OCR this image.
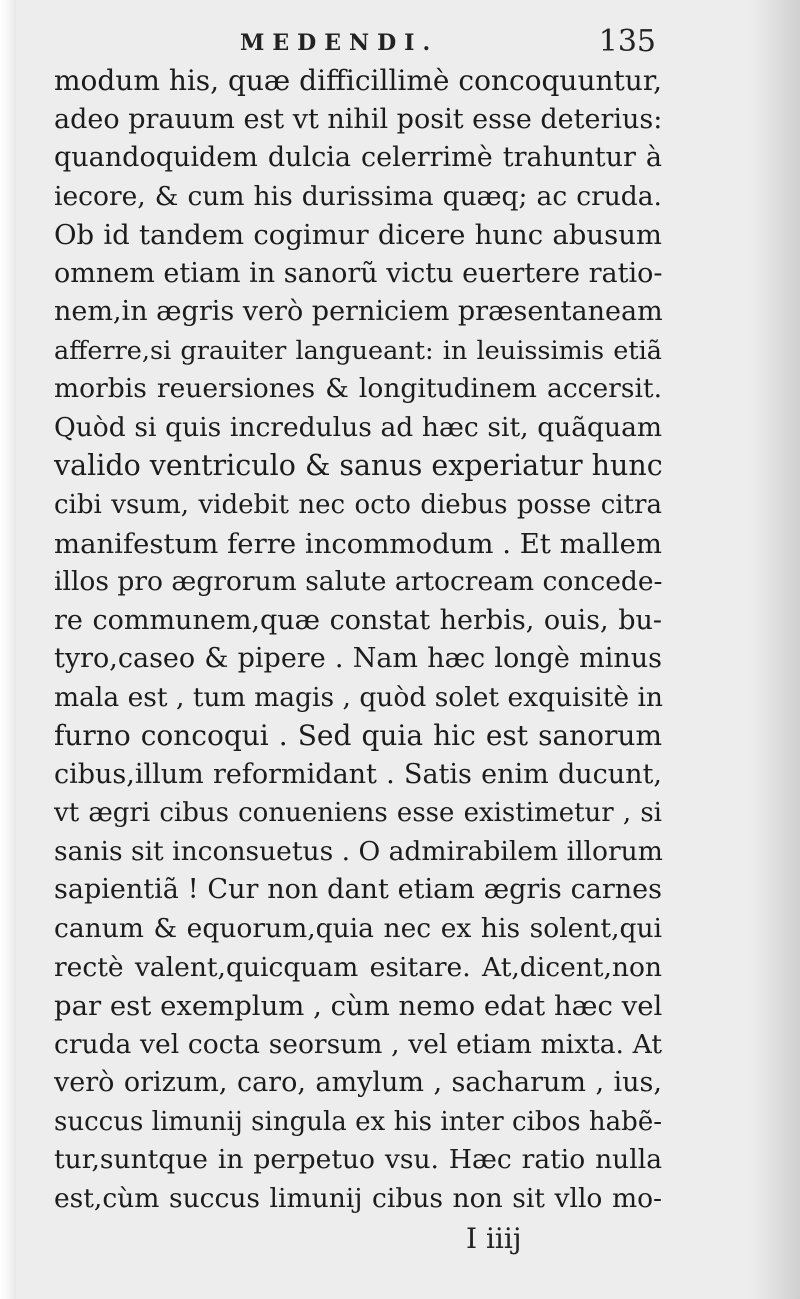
MEDENDI.	135
modum his, quæ difficillimè concoquuntur,
adeo prauum est vt nihil posit esse deterius:
quandoquidem dulcia celerrimè trahuntur à
iecore, & cum his durissima quæq; ac cruda.
Ob id tandem cogimur dicere hunc abusum
omnem etiam in sanorũ victu euertere ratio-
nem,in ægris verò perniciem præsentaneam
afferre,si grauiter langueant: in leuissimis etiã
morbis reuersiones & longitudinem accersit.
Quòd si quis incredulus ad hæc sit, quãquam
valido ventriculo & sanus experiatur hunc
cibi vsum, videbit nec octo diebus posse citra
manifestum ferre incommodum . Et mallem
illos pro ægrorum salute artocream concede-
re communem,quæ constat herbis, ouis, bu-
tyro,caseo & pipere . Nam hæc longè minus
mala est , tum magis , quòd solet exquisitè in
furno concoqui . Sed quia hic est sanorum
cibus,illum reformidant . Satis enim ducunt,
vt ægri cibus conueniens esse existimetur , si
sanis sit inconsuetus . O admirabilem illorum
sapientiã ! Cur non dant etiam ægris carnes
canum & equorum,quia nec ex his solent,qui
rectè valent,quicquam esitare. At,dicent,non
par est exemplum , cùm nemo edat hæc vel
cruda vel cocta seorsum , vel etiam mixta. At
verò orizum, caro, amylum , sacharum , ius,
succus limunij singula ex his inter cibos habẽ-
tur,suntque in perpetuo vsu. Hæc ratio nulla
est,cùm succus limunij cibus non sit vllo mo-
I iiij
